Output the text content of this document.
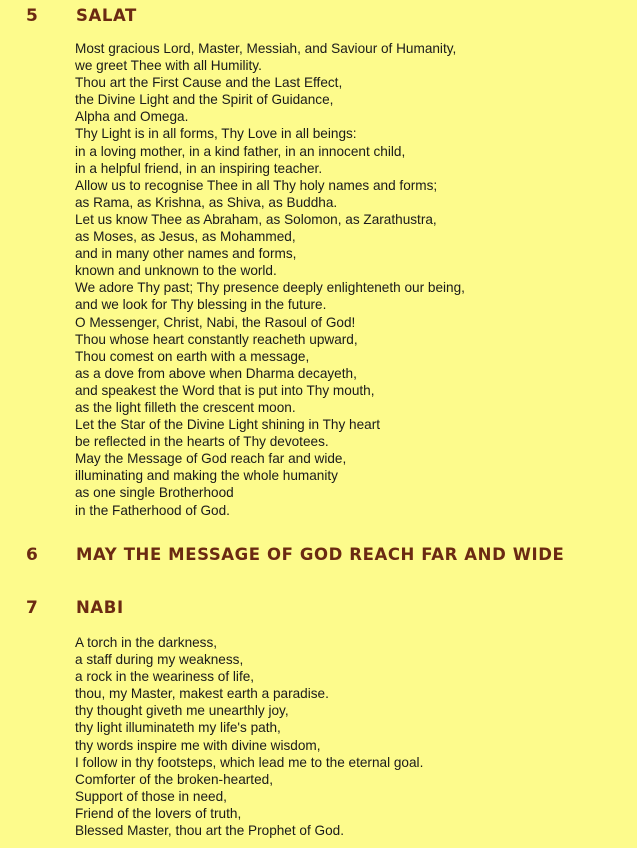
5 SALAT
Most gracious Lord, Master, Messiah, and Saviour of Humanity,
we greet Thee with all Humility.
Thou art the First Cause and the Last Effect,
the Divine Light and the Spirit of Guidance,
Alpha and Omega.
Thy Light is in all forms, Thy Love in all beings:
in a loving mother, in a kind father, in an innocent child,
in a helpful friend, in an inspiring teacher.
Allow us to recognise Thee in all Thy holy names and forms;
as Rama, as Krishna, as Shiva, as Buddha.
Let us know Thee as Abraham, as Solomon, as Zarathustra,
as Moses, as Jesus, as Mohammed,
and in many other names and forms,
known and unknown to the world.
We adore Thy past; Thy presence deeply enlighteneth our being,
and we look for Thy blessing in the future.
O Messenger, Christ, Nabi, the Rasoul of God!
Thou whose heart constantly reacheth upward,
Thou comest on earth with a message,
as a dove from above when Dharma decayeth,
and speakest the Word that is put into Thy mouth,
as the light filleth the crescent moon.
Let the Star of the Divine Light shining in Thy heart
be reflected in the hearts of Thy devotees.
May the Message of God reach far and wide,
illuminating and making the whole humanity
as one single Brotherhood
in the Fatherhood of God.
6 MAY THE MESSAGE OF GOD REACH FAR AND WIDE
7 NABI
A torch in the darkness,
a staff during my weakness,
a rock in the weariness of life,
thou, my Master, makest earth a paradise.
thy thought giveth me unearthly joy,
thy light illuminateth my life's path,
thy words inspire me with divine wisdom,
I follow in thy footsteps, which lead me to the eternal goal.
Comforter of the broken-hearted,
Support of those in need,
Friend of the lovers of truth,
Blessed Master, thou art the Prophet of God.
